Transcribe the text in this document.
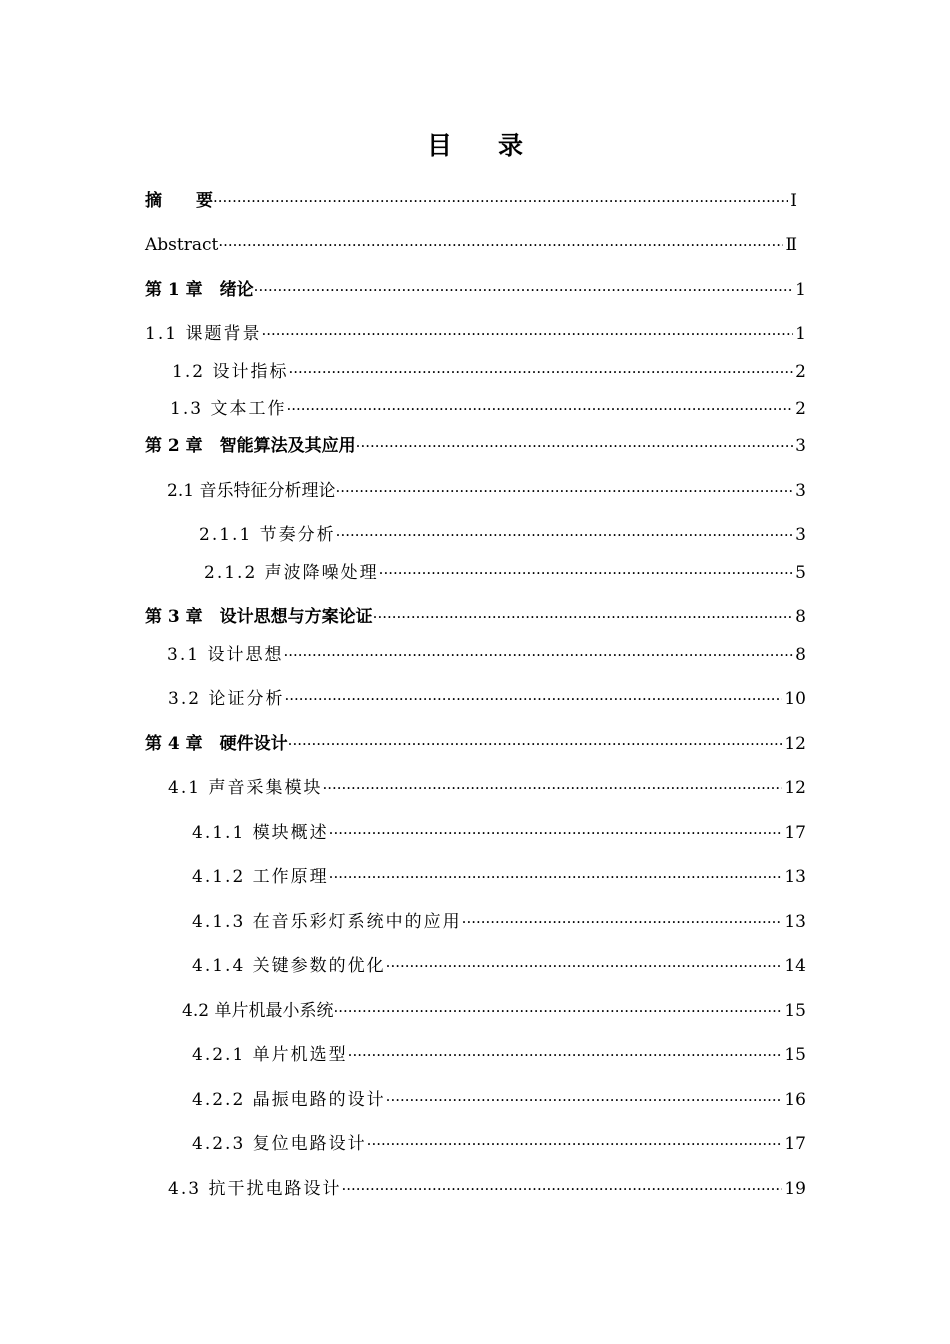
目 录
摘　　要 ·····	Ⅰ
Abstract ·····	Ⅱ
第 1 章　绪论 ·····	1
1.1 课题背景 ·····	1
1.2 设计指标 ·····	2
1.3 文本工作 ·····	2
第 2 章　智能算法及其应用 ·····	3
2.1 音乐特征分析理论 ·····	3
2.1.1 节奏分析 ·····	3
2.1.2 声波降噪处理 ·····	5
第 3 章　设计思想与方案论证 ·····	8
3.1 设计思想 ·····	8
3.2 论证分析 ·····	10
第 4 章　硬件设计 ·····	12
4.1 声音采集模块 ·····	12
4.1.1 模块概述 ·····	17
4.1.2 工作原理 ·····	13
4.1.3 在音乐彩灯系统中的应用 ·····	13
4.1.4 关键参数的优化 ·····	14
4.2 单片机最小系统 ·····	15
4.2.1 单片机选型 ·····	15
4.2.2 晶振电路的设计 ·····	16
4.2.3 复位电路设计 ·····	17
4.3 抗干扰电路设计 ·····	19
